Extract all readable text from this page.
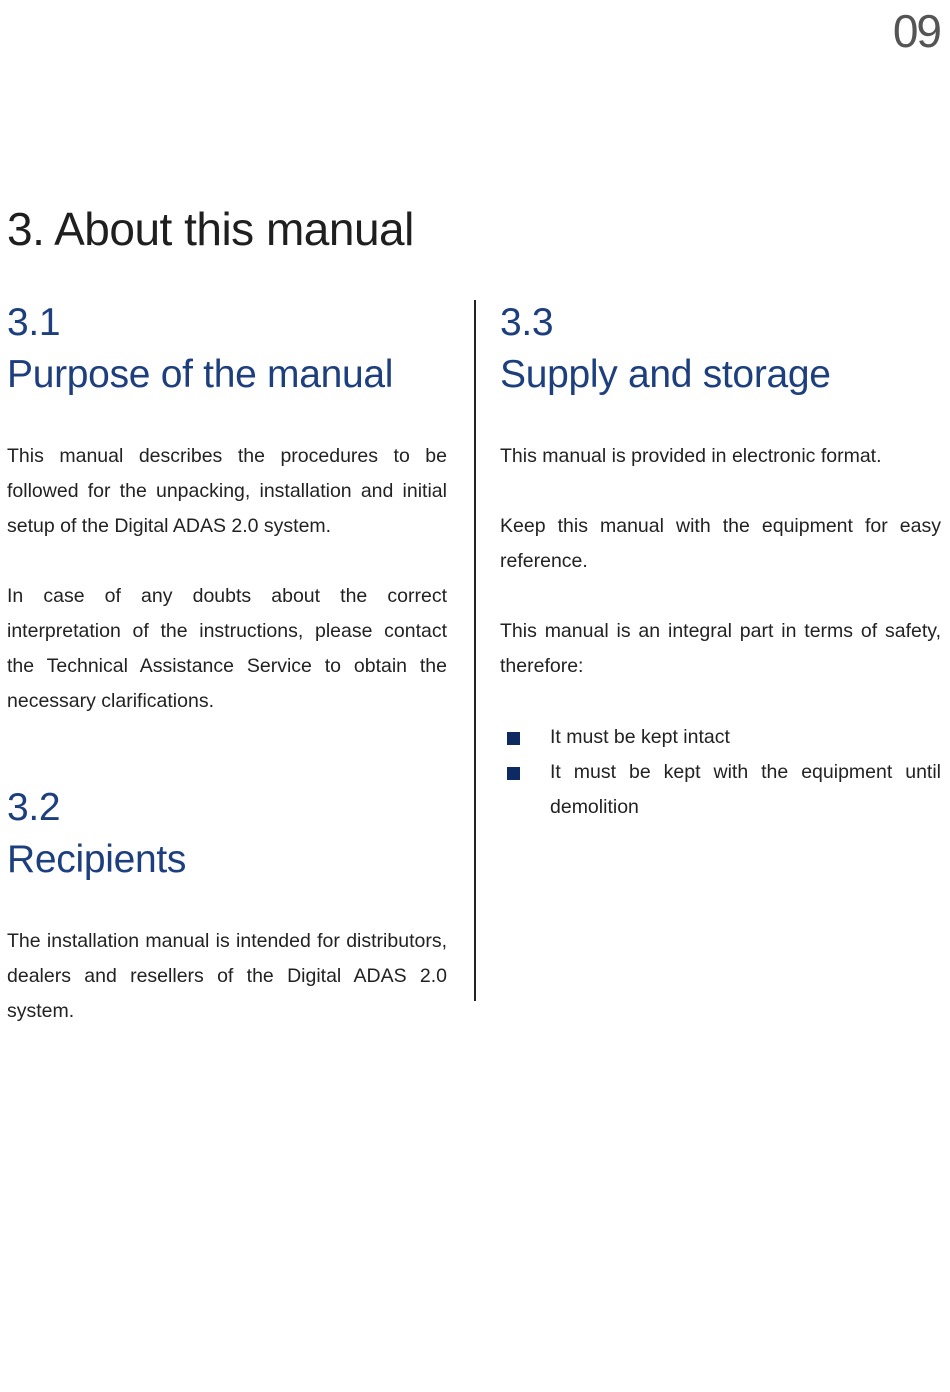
09
3. About this manual
3.1
Purpose of the manual

This manual describes the procedures to be followed for the unpacking, installation and initial setup of the Digital ADAS 2.0 system.

In case of any doubts about the correct interpretation of the instructions, please contact the Technical Assistance Service to obtain the necessary clarifications.

3.2
Recipients

The installation manual is intended for distributors, dealers and resellers of the Digital ADAS 2.0 system.

3.3
Supply and storage

This manual is provided in electronic format.

Keep this manual with the equipment for easy reference.

This manual is an integral part in terms of safety, therefore:

It must be kept intact
It must be kept with the equipment until demolition
